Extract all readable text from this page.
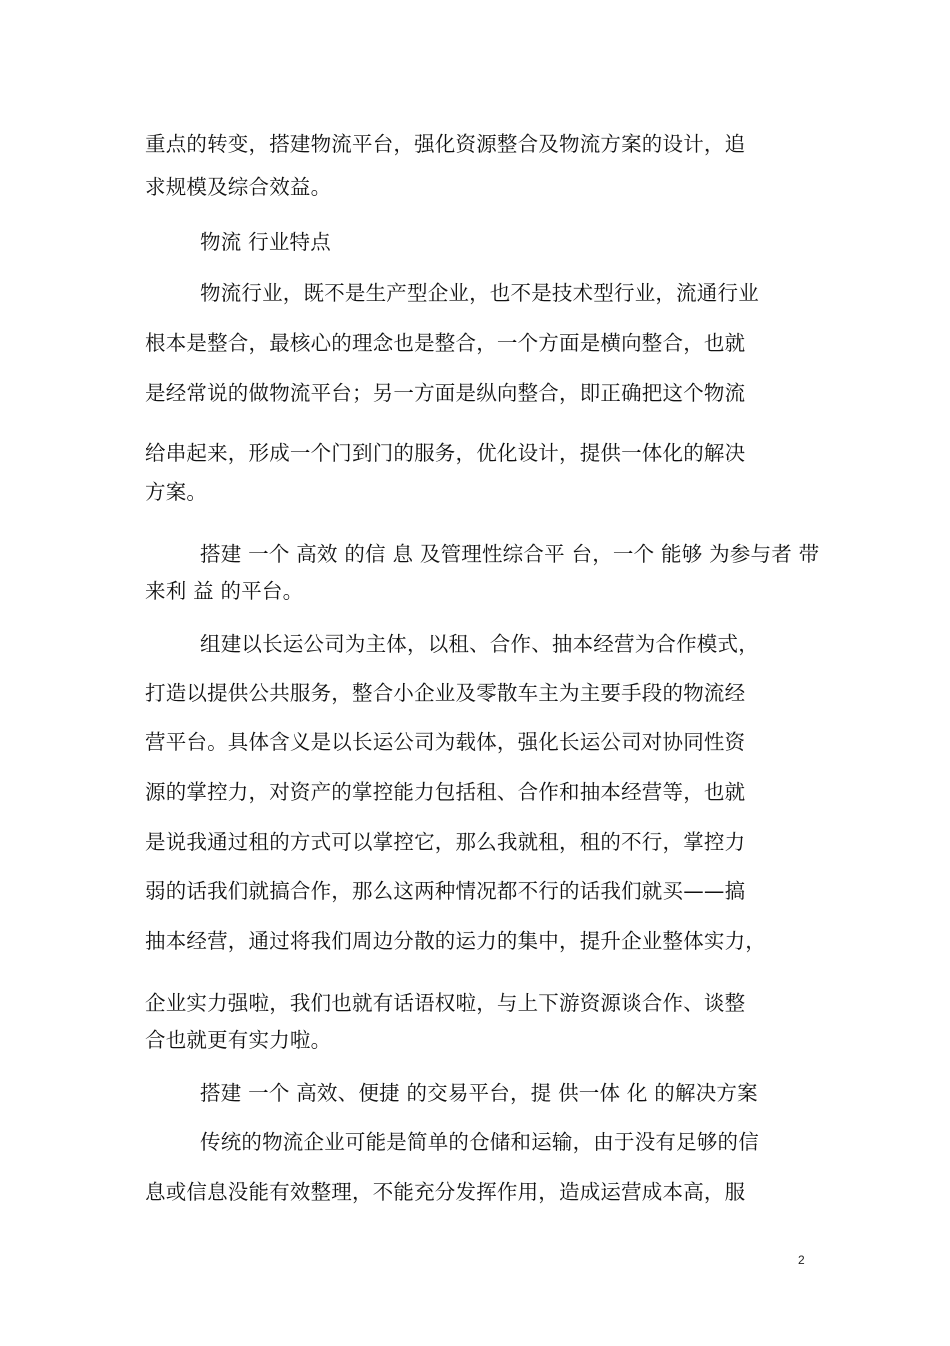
重点的转变，搭建物流平台，强化资源整合及物流方案的设计，追
求规模及综合效益。
物流 行业特点
物流行业，既不是生产型企业，也不是技术型行业，流通行业
根本是整合，最核心的理念也是整合，一个方面是横向整合，也就
是经常说的做物流平台；另一方面是纵向整合，即正确把这个物流
给串起来，形成一个门到门的服务，优化设计，提供一体化的解决
方案。
搭建 一个 高效 的信 息 及管理性综合平 台，一个 能够 为参与者 带
来利 益 的平台。
组建以长运公司为主体，以租、合作、抽本经营为合作模式，
打造以提供公共服务，整合小企业及零散车主为主要手段的物流经
营平台。具体含义是以长运公司为载体，强化长运公司对协同性资
源的掌控力，对资产的掌控能力包括租、合作和抽本经营等，也就
是说我通过租的方式可以掌控它，那么我就租，租的不行，掌控力
弱的话我们就搞合作，那么这两种情况都不行的话我们就买——搞
抽本经营，通过将我们周边分散的运力的集中，提升企业整体实力，
企业实力强啦，我们也就有话语权啦，与上下游资源谈合作、谈整
合也就更有实力啦。
搭建 一个 高效、便捷 的交易平台，提 供一体 化 的解决方案
传统的物流企业可能是简单的仓储和运输，由于没有足够的信
息或信息没能有效整理，不能充分发挥作用，造成运营成本高，服
2
